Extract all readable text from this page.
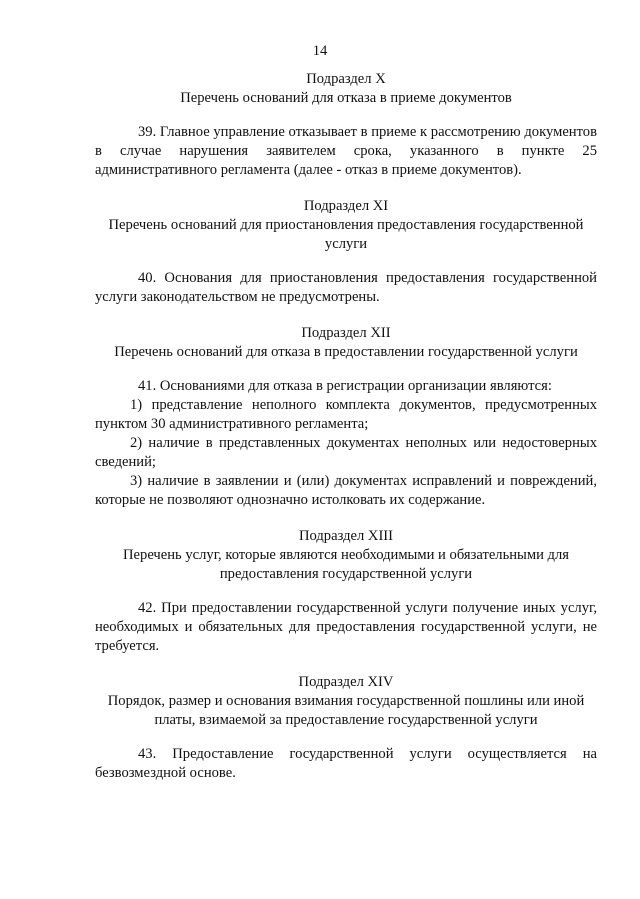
14
Подраздел X
Перечень оснований для отказа в приеме документов

39. Главное управление отказывает в приеме к рассмотрению документов в случае нарушения заявителем срока, указанного в пункте 25 административного регламента (далее - отказ в приеме документов).

Подраздел XI
Перечень оснований для приостановления предоставления государственной услуги

40. Основания для приостановления предоставления государственной услуги законодательством не предусмотрены.

Подраздел XII
Перечень оснований для отказа в предоставлении государственной услуги

41. Основаниями для отказа в регистрации организации являются:

1) представление неполного комплекта документов, предусмотренных пунктом 30 административного регламента;

2) наличие в представленных документах неполных или недостоверных сведений;

3) наличие в заявлении и (или) документах исправлений и повреждений, которые не позволяют однозначно истолковать их содержание.

Подраздел XIII
Перечень услуг, которые являются необходимыми и обязательными для предоставления государственной услуги

42. При предоставлении государственной услуги получение иных услуг, необходимых и обязательных для предоставления государственной услуги, не требуется.

Подраздел XIV
Порядок, размер и основания взимания государственной пошлины или иной платы, взимаемой за предоставление государственной услуги

43. Предоставление государственной услуги осуществляется на безвозмездной основе.
